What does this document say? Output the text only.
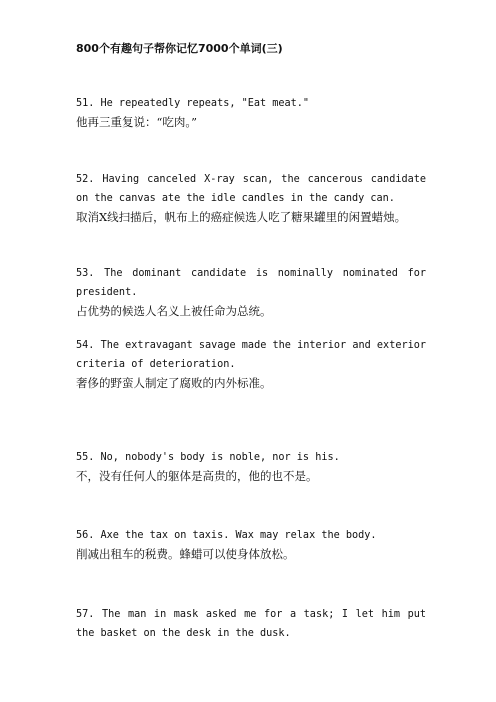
800个有趣句子帮你记忆7000个单词(三)

51. He repeatedly repeats, "Eat meat."

他再三重复说：“吃肉。”

52. Having canceled X-ray scan, the cancerous candidate on the canvas ate the idle candles in the candy can.

取消X线扫描后，帆布上的癌症候选人吃了糖果罐里的闲置蜡烛。

53. The dominant candidate is nominally nominated for president.

占优势的候选人名义上被任命为总统。

54. The extravagant savage made the interior and exterior criteria of deterioration.

奢侈的野蛮人制定了腐败的内外标准。

55. No, nobody's body is noble, nor is his.

不，没有任何人的躯体是高贵的，他的也不是。

56. Axe the tax on taxis. Wax may relax the body.

削减出租车的税费。蜂蜡可以使身体放松。

57. The man in mask asked me for a task; I let him put the basket on the desk in the dusk.
